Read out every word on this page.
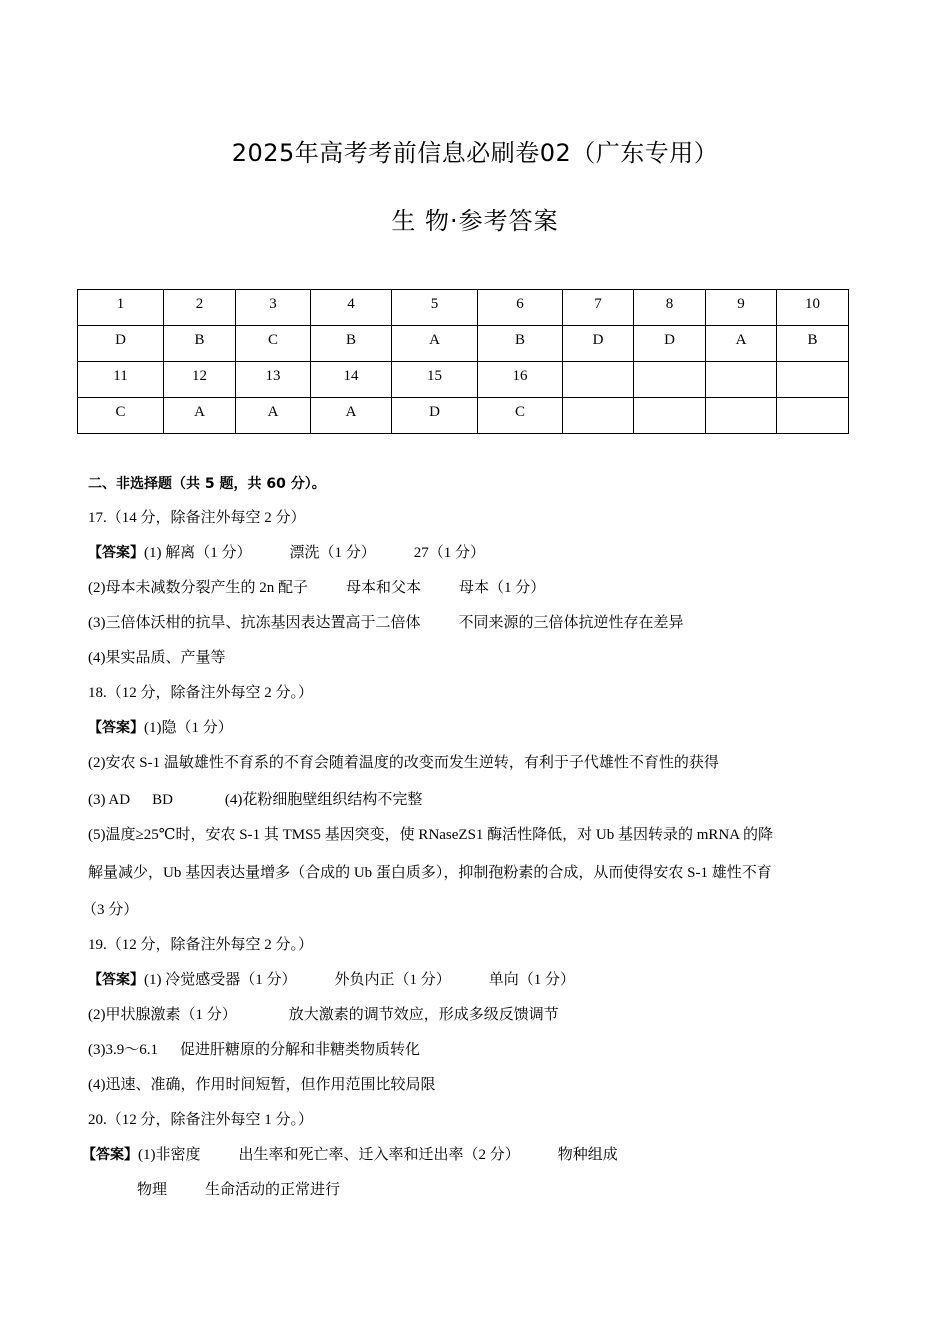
2025年高考考前信息必刷卷02（广东专用）
生 物·参考答案
1	2	3	4	5	6	7	8	9	10
D	B	C	B	A	B	D	D	A	B
11	12	13	14	15	16				
C	A	A	A	D	C				
二、非选择题（共 5 题，共 60 分）。
17.（14 分，除备注外每空 2 分）
【答案】(1) 解离（1 分）	漂洗（1 分）	27（1 分）
(2)母本未减数分裂产生的 2n 配子	母本和父本	母本（1 分）
(3)三倍体沃柑的抗旱、抗冻基因表达置高于二倍体	不同来源的三倍体抗逆性存在差异
(4)果实品质、产量等
18.（12 分，除备注外每空 2 分。）
【答案】(1)隐（1 分）
(2)安农 S-1 温敏雄性不育系的不育会随着温度的改变而发生逆转，有利于子代雄性不育性的获得
(3) AD BD	(4)花粉细胞壁组织结构不完整
(5)温度≥25℃时，安农 S-1 其 TMS5 基因突变，使 RNaseZS1 酶活性降低，对 Ub 基因转录的 mRNA 的降
解量减少，Ub 基因表达量增多（合成的 Ub 蛋白质多），抑制孢粉素的合成，从而使得安农 S-1 雄性不育
（3 分）
19.（12 分，除备注外每空 2 分。）
【答案】(1) 冷觉感受器（1 分）	外负内正（1 分）	单向（1 分）
(2)甲状腺激素（1 分）	放大激素的调节效应，形成多级反馈调节
(3)3.9～6.1 促进肝糖原的分解和非糖类物质转化
(4)迅速、准确，作用时间短暂，但作用范围比较局限
20.（12 分，除备注外每空 1 分。）
【答案】(1)非密度	出生率和死亡率、迁入率和迁出率（2 分）	物种组成
物理	生命活动的正常进行
